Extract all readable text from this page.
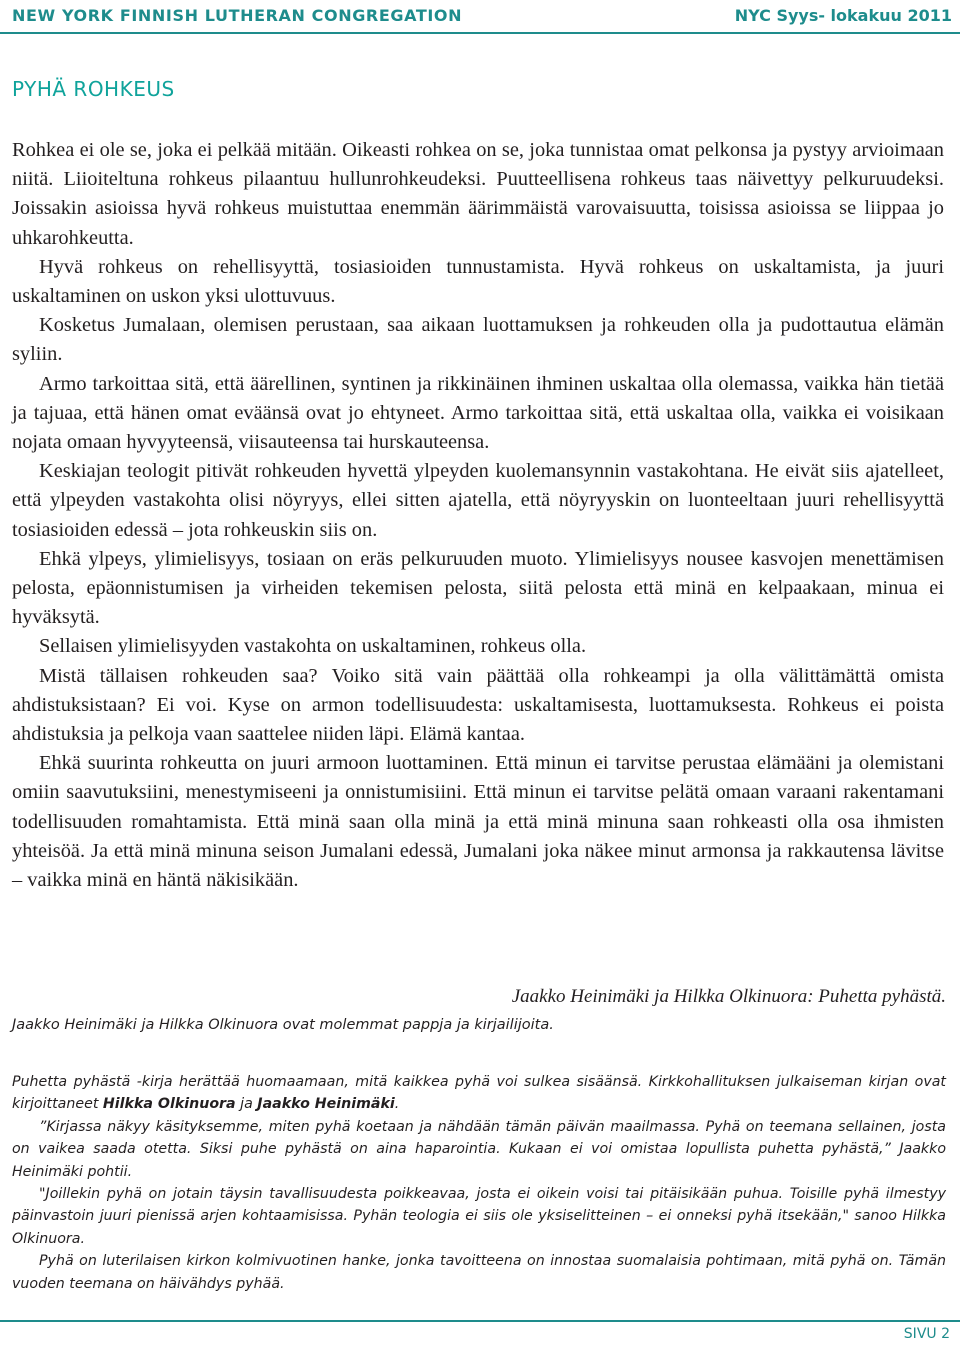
NEW YORK FINNISH LUTHERAN CONGREGATION	NYC Syys- lokakuu 2011
PYHÄ ROHKEUS

Rohkea ei ole se, joka ei pelkää mitään. Oikeasti rohkea on se, joka tunnistaa omat pelkonsa ja pystyy arvioimaan niitä. Liioiteltuna rohkeus pilaantuu hullunrohkeudeksi. Puutteellisena rohkeus taas näivettyy pelkuruudeksi. Joissakin asioissa hyvä rohkeus muistuttaa enemmän äärimmäistä varovaisuutta, toisissa asioissa se liippaa jo uhkarohkeutta.

Hyvä rohkeus on rehellisyyttä, tosiasioiden tunnustamista. Hyvä rohkeus on uskaltamista, ja juuri uskaltaminen on uskon yksi ulottuvuus.

Kosketus Jumalaan, olemisen perustaan, saa aikaan luottamuksen ja rohkeuden olla ja pudottautua elämän syliin.

Armo tarkoittaa sitä, että äärellinen, syntinen ja rikkinäinen ihminen uskaltaa olla olemassa, vaikka hän tietää ja tajuaa, että hänen omat eväänsä ovat jo ehtyneet. Armo tarkoittaa sitä, että uskaltaa olla, vaikka ei voisikaan nojata omaan hyvyyteensä, viisauteensa tai hurskauteensa.

Keskiajan teologit pitivät rohkeuden hyvettä ylpeyden kuolemansynnin vastakohtana. He eivät siis ajatelleet, että ylpeyden vastakohta olisi nöyryys, ellei sitten ajatella, että nöyryyskin on luonteeltaan juuri rehellisyyttä tosiasioiden edessä – jota rohkeuskin siis on.

Ehkä ylpeys, ylimielisyys, tosiaan on eräs pelkuruuden muoto. Ylimielisyys nousee kasvojen menettämisen pelosta, epäonnistumisen ja virheiden tekemisen pelosta, siitä pelosta että minä en kelpaakaan, minua ei hyväksytä.

Sellaisen ylimielisyyden vastakohta on uskaltaminen, rohkeus olla.

Mistä tällaisen rohkeuden saa? Voiko sitä vain päättää olla rohkeampi ja olla välittämättä omista ahdistuksistaan? Ei voi. Kyse on armon todellisuudesta: uskaltamisesta, luottamuksesta. Rohkeus ei poista ahdistuksia ja pelkoja vaan saattelee niiden läpi. Elämä kantaa.

Ehkä suurinta rohkeutta on juuri armoon luottaminen. Että minun ei tarvitse perustaa elämääni ja olemistani omiin saavutuksiini, menestymiseeni ja onnistumisiini. Että minun ei tarvitse pelätä omaan varaani rakentamani todellisuuden romahtamista. Että minä saan olla minä ja että minä minuna saan rohkeasti olla osa ihmisten yhteisöä. Ja että minä minuna seison Jumalani edessä, Jumalani joka näkee minut armonsa ja rakkautensa lävitse – vaikka minä en häntä näkisikään.

Jaakko Heinimäki ja Hilkka Olkinuora: Puhetta pyhästä.
Jaakko Heinimäki ja Hilkka Olkinuora ovat molemmat pappja ja kirjailijoita.

Puhetta pyhästä -kirja herättää huomaamaan, mitä kaikkea pyhä voi sulkea sisäänsä. Kirkkohallituksen julkaiseman kirjan ovat kirjoittaneet Hilkka Olkinuora ja Jaakko Heinimäki.

”Kirjassa näkyy käsityksemme, miten pyhä koetaan ja nähdään tämän päivän maailmassa. Pyhä on teemana sellainen, josta on vaikea saada otetta. Siksi puhe pyhästä on aina haparointia. Kukaan ei voi omistaa lopullista puhetta pyhästä,” Jaakko Heinimäki pohtii.

"Joillekin pyhä on jotain täysin tavallisuudesta poikkeavaa, josta ei oikein voisi tai pitäisikään puhua. Toisille pyhä ilmestyy päinvastoin juuri pienissä arjen kohtaamisissa. Pyhän teologia ei siis ole yksiselitteinen – ei onneksi pyhä itsekään," sanoo Hilkka Olkinuora.

Pyhä on luterilaisen kirkon kolmivuotinen hanke, jonka tavoitteena on innostaa suomalaisia pohtimaan, mitä pyhä on. Tämän vuoden teemana on häivähdys pyhää.

SIVU 2
